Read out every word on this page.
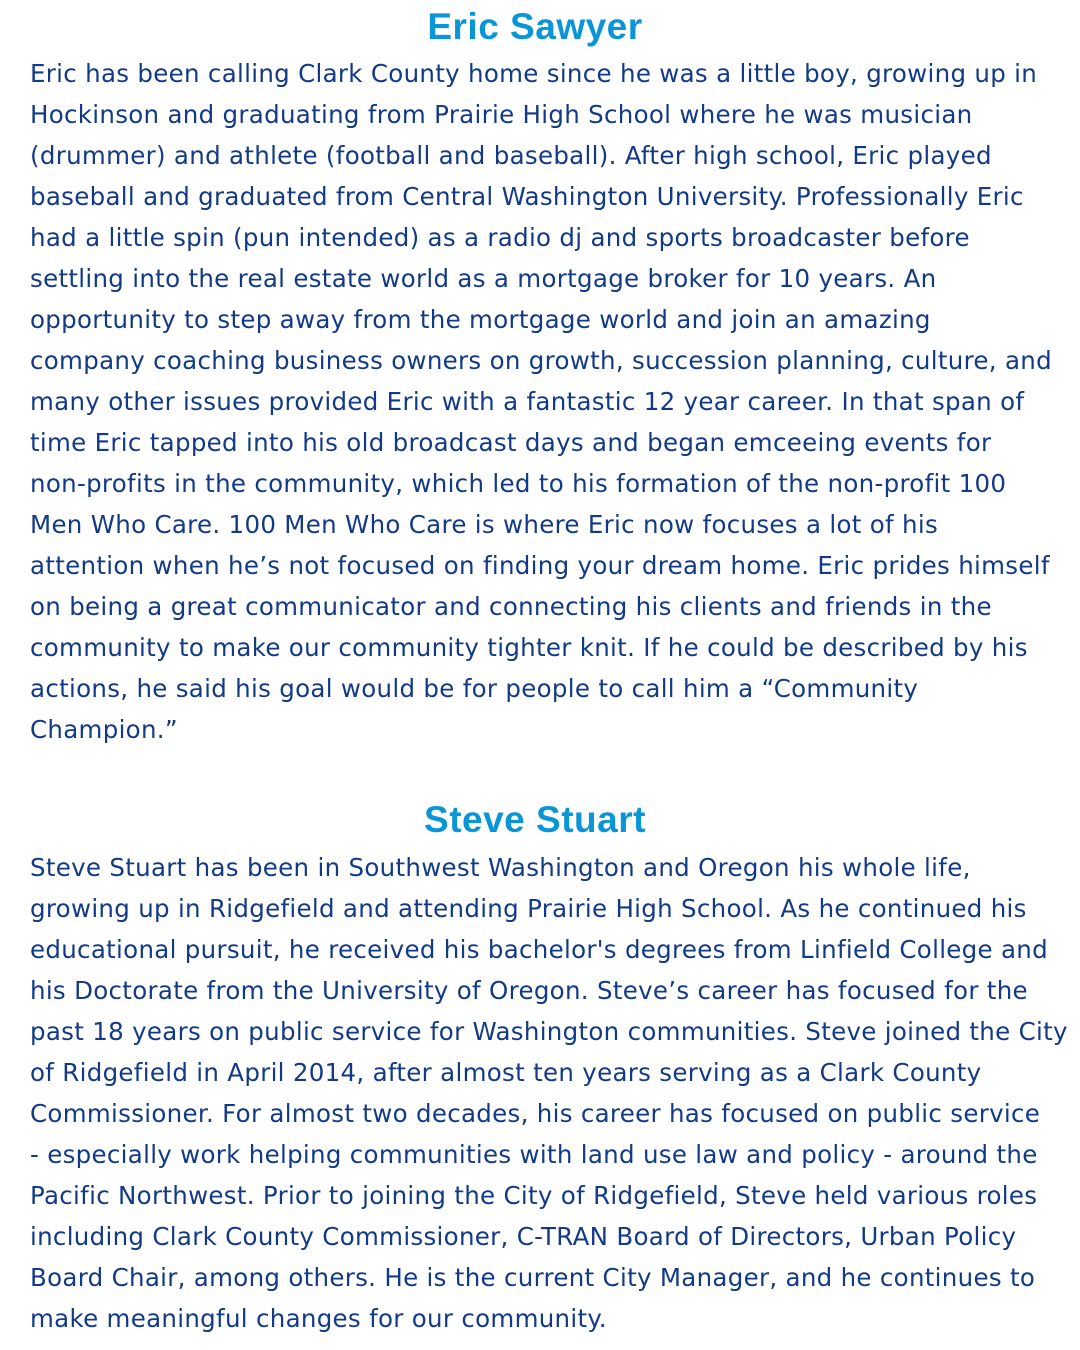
Eric Sawyer
Eric has been calling Clark County home since he was a little boy, growing up in
Hockinson and graduating from Prairie High School where he was musician
(drummer) and athlete (football and baseball). After high school, Eric played
baseball and graduated from Central Washington University. Professionally Eric
had a little spin (pun intended) as a radio dj and sports broadcaster before
settling into the real estate world as a mortgage broker for 10 years. An
opportunity to step away from the mortgage world and join an amazing
company coaching business owners on growth, succession planning, culture, and
many other issues provided Eric with a fantastic 12 year career. In that span of
time Eric tapped into his old broadcast days and began emceeing events for
non-profits in the community, which led to his formation of the non-profit 100
Men Who Care. 100 Men Who Care is where Eric now focuses a lot of his
attention when he’s not focused on finding your dream home. Eric prides himself
on being a great communicator and connecting his clients and friends in the
community to make our community tighter knit. If he could be described by his
actions, he said his goal would be for people to call him a “Community
Champion.”
Steve Stuart
Steve Stuart has been in Southwest Washington and Oregon his whole life,
growing up in Ridgefield and attending Prairie High School. As he continued his
educational pursuit, he received his bachelor's degrees from Linfield College and
his Doctorate from the University of Oregon. Steve’s career has focused for the
past 18 years on public service for Washington communities. Steve joined the City
of Ridgefield in April 2014, after almost ten years serving as a Clark County
Commissioner. For almost two decades, his career has focused on public service
- especially work helping communities with land use law and policy - around the
Pacific Northwest. Prior to joining the City of Ridgefield, Steve held various roles
including Clark County Commissioner, C-TRAN Board of Directors, Urban Policy
Board Chair, among others. He is the current City Manager, and he continues to
make meaningful changes for our community.
